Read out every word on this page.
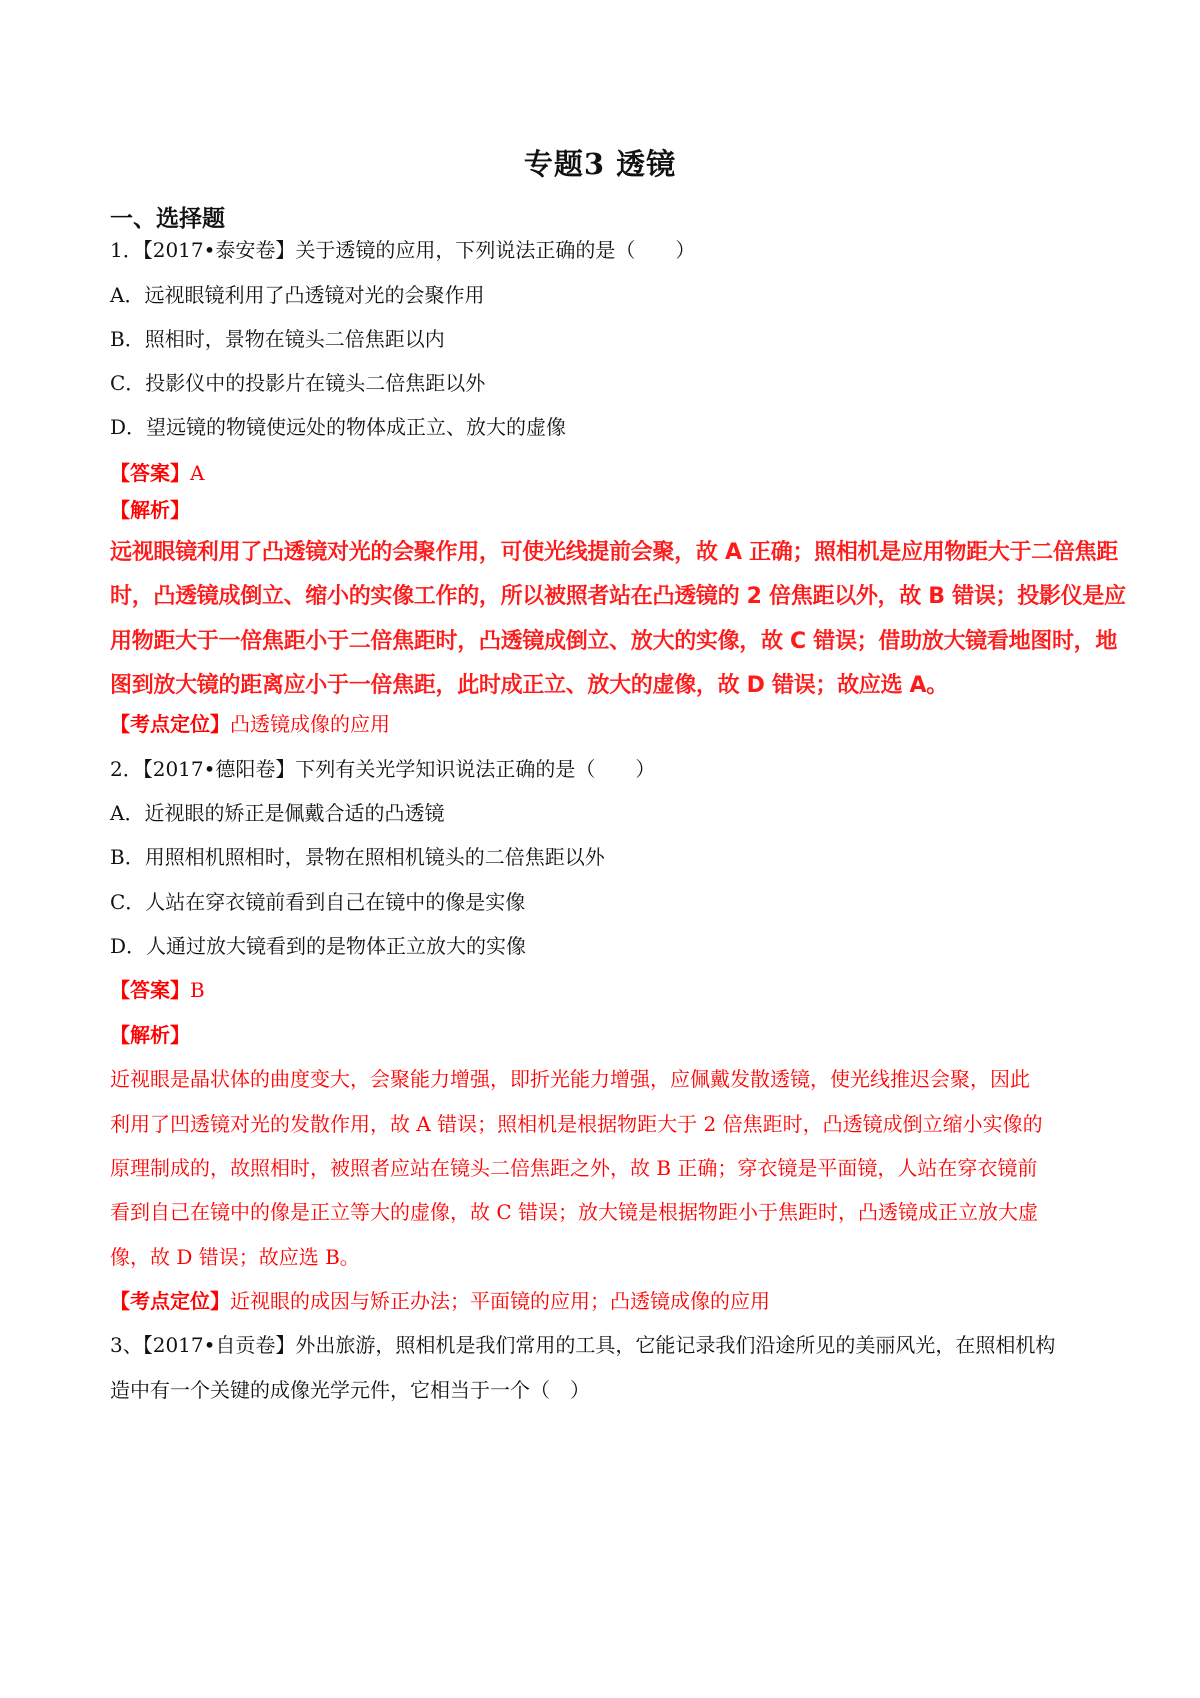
专题3 透镜
一、选择题
1．【2017•泰安卷】关于透镜的应用，下列说法正确的是（　　）
A．远视眼镜利用了凸透镜对光的会聚作用
B．照相时，景物在镜头二倍焦距以内
C．投影仪中的投影片在镜头二倍焦距以外
D．望远镜的物镜使远处的物体成正立、放大的虚像
【答案】A
【解析】
远视眼镜利用了凸透镜对光的会聚作用，可使光线提前会聚，故 A 正确；照相机是应用物距大于二倍焦距
时，凸透镜成倒立、缩小的实像工作的，所以被照者站在凸透镜的 2 倍焦距以外，故 B 错误；投影仪是应
用物距大于一倍焦距小于二倍焦距时，凸透镜成倒立、放大的实像，故 C 错误；借助放大镜看地图时，地
图到放大镜的距离应小于一倍焦距，此时成正立、放大的虚像，故 D 错误；故应选 A。
【考点定位】凸透镜成像的应用
2．【2017•德阳卷】下列有关光学知识说法正确的是（　　）
A．近视眼的矫正是佩戴合适的凸透镜
B．用照相机照相时，景物在照相机镜头的二倍焦距以外
C．人站在穿衣镜前看到自己在镜中的像是实像
D．人通过放大镜看到的是物体正立放大的实像
【答案】B
【解析】
近视眼是晶状体的曲度变大，会聚能力增强，即折光能力增强，应佩戴发散透镜，使光线推迟会聚，因此
利用了凹透镜对光的发散作用，故 A 错误；照相机是根据物距大于 2 倍焦距时，凸透镜成倒立缩小实像的
原理制成的，故照相时，被照者应站在镜头二倍焦距之外，故 B 正确；穿衣镜是平面镜，人站在穿衣镜前
看到自己在镜中的像是正立等大的虚像，故 C 错误；放大镜是根据物距小于焦距时，凸透镜成正立放大虚
像，故 D 错误；故应选 B。
【考点定位】近视眼的成因与矫正办法；平面镜的应用；凸透镜成像的应用
3、【2017•自贡卷】外出旅游，照相机是我们常用的工具，它能记录我们沿途所见的美丽风光，在照相机构
造中有一个关键的成像光学元件，它相当于一个（　）
